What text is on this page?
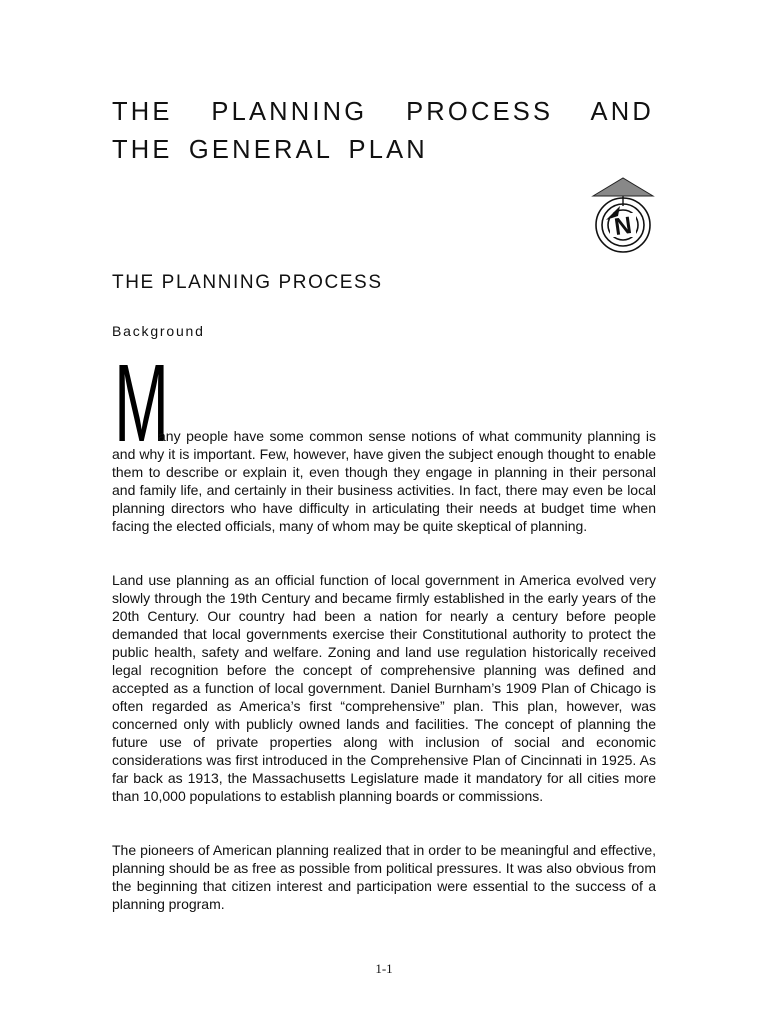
THE PLANNING PROCESS AND THE GENERAL PLAN
N
THE PLANNING PROCESS
Background
M

any people have some common sense notions of what community planning is and why it is important. Few, however, have given the subject enough thought to enable them to describe or explain it, even though they engage in planning in their personal and family life, and certainly in their business activities. In fact, there may even be local planning directors who have difficulty in articulating their needs at budget time when facing the elected officials, many of whom may be quite skeptical of planning.

Land use planning as an official function of local government in America evolved very slowly through the 19th Century and became firmly established in the early years of the 20th Century. Our country had been a nation for nearly a century before people demanded that local governments exercise their Constitutional authority to protect the public health, safety and welfare. Zoning and land use regulation historically received legal recognition before the concept of comprehensive planning was defined and accepted as a function of local government. Daniel Burnham’s 1909 Plan of Chicago is often regarded as America’s first “comprehensive” plan. This plan, however, was concerned only with publicly owned lands and facilities. The concept of planning the future use of private properties along with inclusion of social and economic considerations was first introduced in the Comprehensive Plan of Cincinnati in 1925. As far back as 1913, the Massachusetts Legislature made it mandatory for all cities more than 10,000 populations to establish planning boards or commissions.

The pioneers of American planning realized that in order to be meaningful and effective, planning should be as free as possible from political pressures. It was also obvious from the beginning that citizen interest and participation were essential to the success of a planning program.

1-1
